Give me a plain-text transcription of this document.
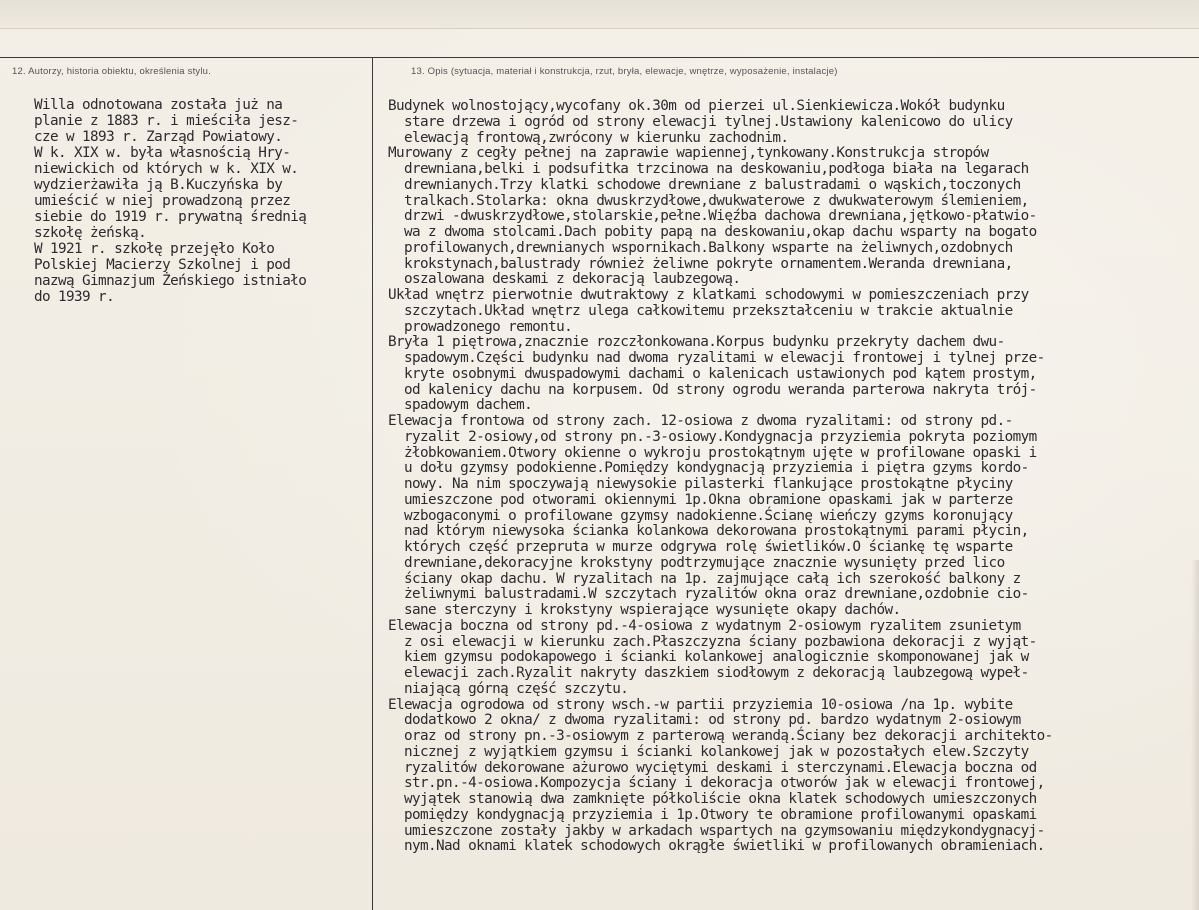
12. Autorzy, historia obiektu, określenia stylu.	13. Opis (sytuacja, materiał i konstrukcja, rzut, bryła, elewacje, wnętrze, wyposażenie, instalacje)
Willa odnotowana została już na
planie z 1883 r. i mieściła jesz-
cze w 1893 r. Zarząd Powiatowy.
W k. XIX w. była własnością Hry-
niewickich od których w k. XIX w.
wydzierżawiła ją B.Kuczyńska by
umieścić w niej prowadzoną przez
siebie do 1919 r. prywatną średnią
szkołę żeńską.
W 1921 r. szkołę przejęło Koło
Polskiej Macierzy Szkolnej i pod
nazwą Gimnazjum Żeńskiego istniało
do 1939 r.
Budynek wolnostojący,wycofany ok.30m od pierzei ul.Sienkiewicza.Wokół budynku
stare drzewa i ogród od strony elewacji tylnej.Ustawiony kalenicowo do ulicy
elewacją frontową,zwrócony w kierunku zachodnim.
Murowany z cegły pełnej na zaprawie wapiennej,tynkowany.Konstrukcja stropów
drewniana,belki i podsufitka trzcinowa na deskowaniu,podłoga biała na legarach
drewnianych.Trzy klatki schodowe drewniane z balustradami o wąskich,toczonych
tralkach.Stolarka: okna dwuskrzydłowe,dwukwaterowe z dwukwaterowym ślemieniem,
drzwi -dwuskrzydłowe,stolarskie,pełne.Więźba dachowa drewniana,jętkowo-płatwio-
wa z dwoma stolcami.Dach pobity papą na deskowaniu,okap dachu wsparty na bogato
profilowanych,drewnianych wspornikach.Balkony wsparte na żeliwnych,ozdobnych
krokstynach,balustrady również żeliwne pokryte ornamentem.Weranda drewniana,
oszalowana deskami z dekoracją laubzegową.
Układ wnętrz pierwotnie dwutraktowy z klatkami schodowymi w pomieszczeniach przy
szczytach.Układ wnętrz ulega całkowitemu przekształceniu w trakcie aktualnie
prowadzonego remontu.
Bryła 1 piętrowa,znacznie rozczłonkowana.Korpus budynku przekryty dachem dwu-
spadowym.Części budynku nad dwoma ryzalitami w elewacji frontowej i tylnej prze-
kryte osobnymi dwuspadowymi dachami o kalenicach ustawionych pod kątem prostym,
od kalenicy dachu na korpusem. Od strony ogrodu weranda parterowa nakryta trój-
spadowym dachem.
Elewacja frontowa od strony zach. 12-osiowa z dwoma ryzalitami: od strony pd.-
ryzalit 2-osiowy,od strony pn.-3-osiowy.Kondygnacja przyziemia pokryta poziomym
żłobkowaniem.Otwory okienne o wykroju prostokątnym ujęte w profilowane opaski i
u dołu gzymsy podokienne.Pomiędzy kondygnacją przyziemia i piętra gzyms kordo-
nowy. Na nim spoczywają niewysokie pilasterki flankujące prostokątne płyciny
umieszczone pod otworami okiennymi 1p.Okna obramione opaskami jak w parterze
wzbogaconymi o profilowane gzymsy nadokienne.Ścianę wieńczy gzyms koronujący
nad którym niewysoka ścianka kolankowa dekorowana prostokątnymi parami płycin,
których część przepruta w murze odgrywa rolę świetlików.O ściankę tę wsparte
drewniane,dekoracyjne krokstyny podtrzymujące znacznie wysunięty przed lico
ściany okap dachu. W ryzalitach na 1p. zajmujące całą ich szerokość balkony z
żeliwnymi balustradami.W szczytach ryzalitów okna oraz drewniane,ozdobnie cio-
sane sterczyny i krokstyny wspierające wysunięte okapy dachów.
Elewacja boczna od strony pd.-4-osiowa z wydatnym 2-osiowym ryzalitem zsunietym
z osi elewacji w kierunku zach.Płaszczyzna ściany pozbawiona dekoracji z wyjąt-
kiem gzymsu podokapowego i ścianki kolankowej analogicznie skomponowanej jak w
elewacji zach.Ryzalit nakryty daszkiem siodłowym z dekoracją laubzegową wypeł-
niającą górną część szczytu.
Elewacja ogrodowa od strony wsch.-w partii przyziemia 10-osiowa /na 1p. wybite
dodatkowo 2 okna/ z dwoma ryzalitami: od strony pd. bardzo wydatnym 2-osiowym
oraz od strony pn.-3-osiowym z parterową werandą.Ściany bez dekoracji architekto-
nicznej z wyjątkiem gzymsu i ścianki kolankowej jak w pozostałych elew.Szczyty
ryzalitów dekorowane ażurowo wyciętymi deskami i sterczynami.Elewacja boczna od
str.pn.-4-osiowa.Kompozycja ściany i dekoracja otworów jak w elewacji frontowej,
wyjątek stanowią dwa zamknięte półkoliście okna klatek schodowych umieszczonych
pomiędzy kondygnacją przyziemia i 1p.Otwory te obramione profilowanymi opaskami
umieszczone zostały jakby w arkadach wspartych na gzymsowaniu międzykondygnacyj-
nym.Nad oknami klatek schodowych okrągłe świetliki w profilowanych obramieniach.
